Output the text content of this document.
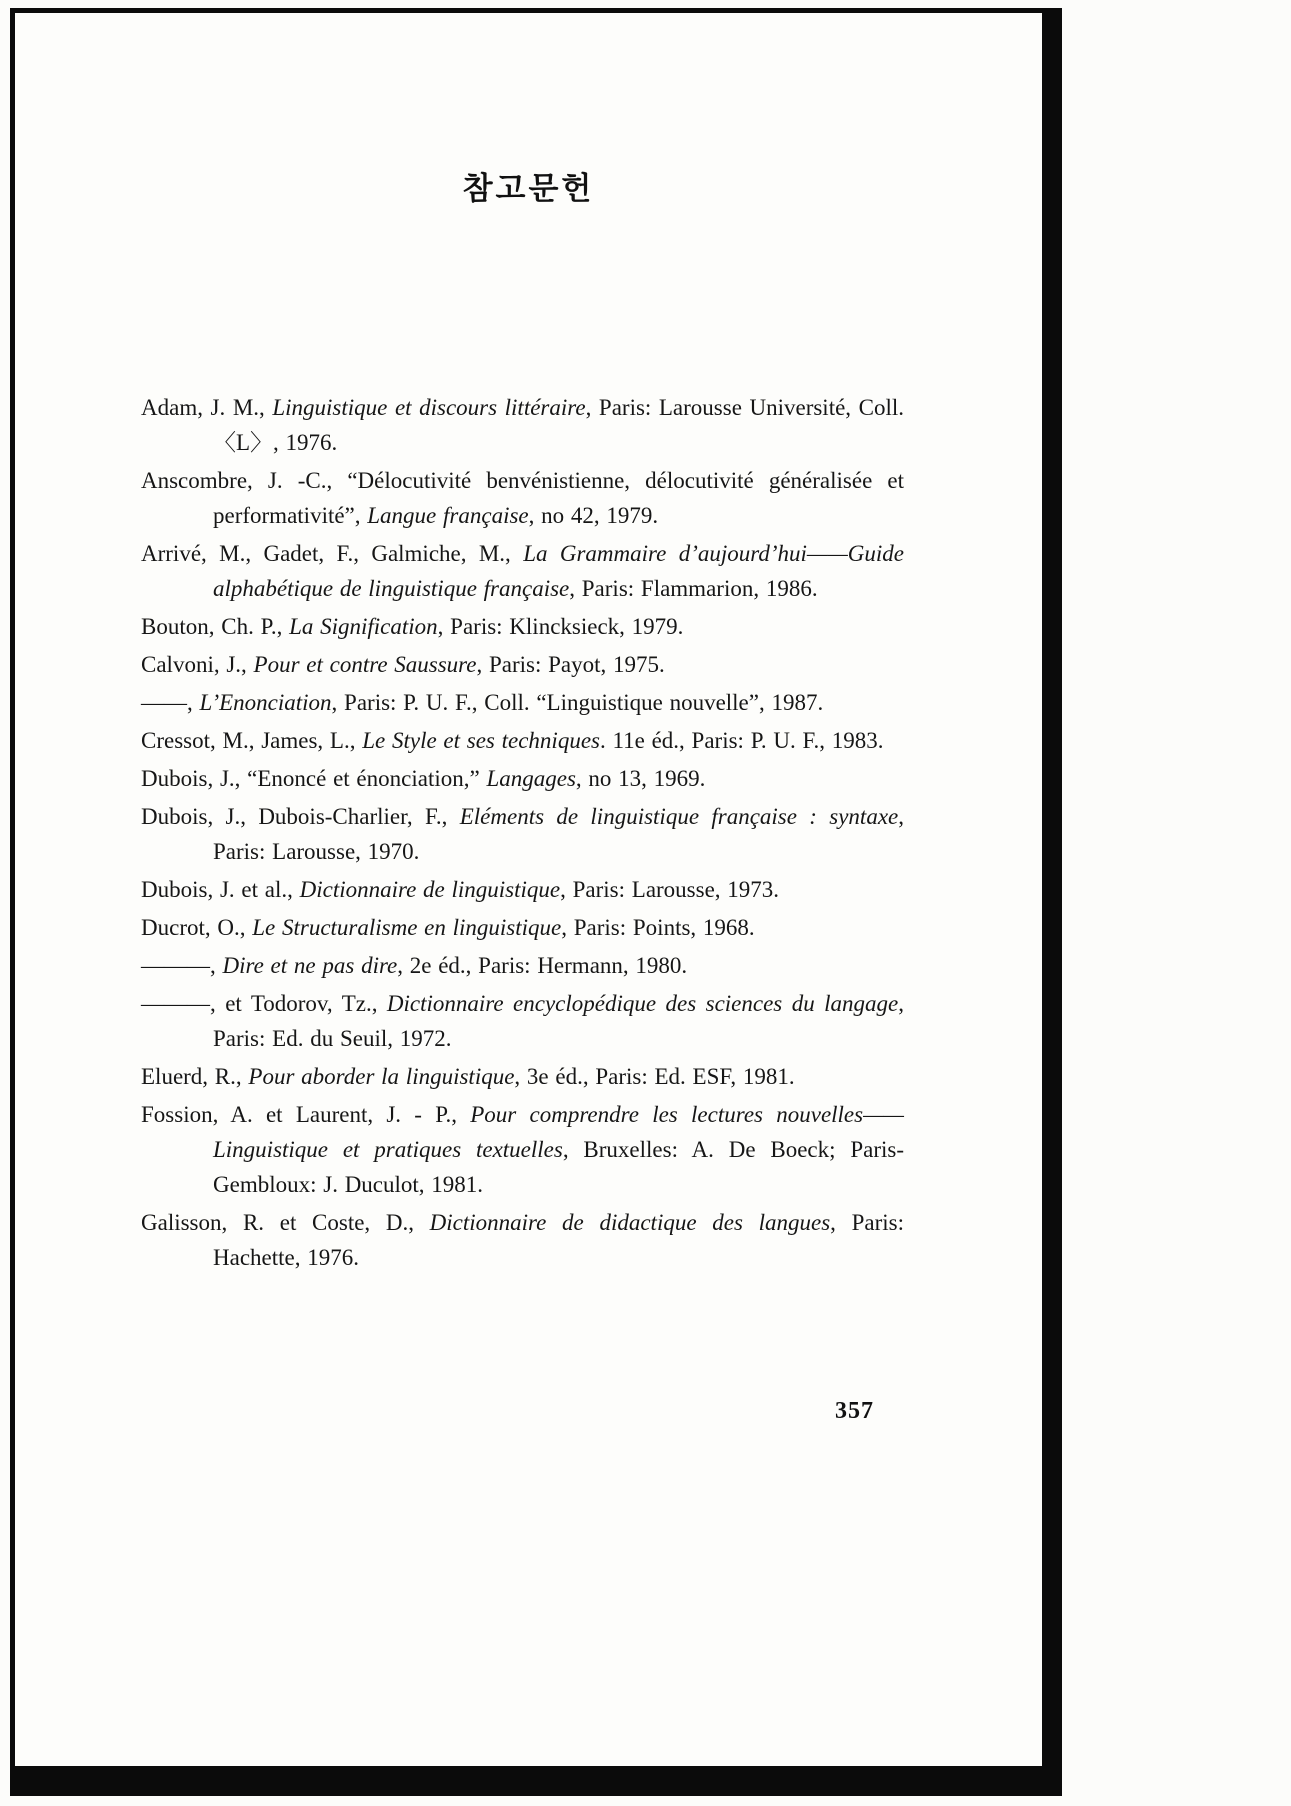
참고문헌

Adam, J. M., Linguistique et discours littéraire, Paris: Larousse Université, Coll. 〈L〉, 1976.

Anscombre, J. -C., “Délocutivité benvénistienne, délocutivité généralisée et performativité”, Langue française, no 42, 1979.

Arrivé, M., Gadet, F., Galmiche, M., La Grammaire d’aujourd’hui——Guide alphabétique de linguistique française, Paris: Flammarion, 1986.

Bouton, Ch. P., La Signification, Paris: Klincksieck, 1979.

Calvoni, J., Pour et contre Saussure, Paris: Payot, 1975.

——, L’Enonciation, Paris: P. U. F., Coll. “Linguistique nouvelle”, 1987.

Cressot, M., James, L., Le Style et ses techniques. 11e éd., Paris: P. U. F., 1983.

Dubois, J., “Enoncé et énonciation,” Langages, no 13, 1969.

Dubois, J., Dubois-Charlier, F., Eléments de linguistique française : syntaxe, Paris: Larousse, 1970.

Dubois, J. et al., Dictionnaire de linguistique, Paris: Larousse, 1973.

Ducrot, O., Le Structuralisme en linguistique, Paris: Points, 1968.

———, Dire et ne pas dire, 2e éd., Paris: Hermann, 1980.

———, et Todorov, Tz., Dictionnaire encyclopédique des sciences du langage, Paris: Ed. du Seuil, 1972.

Eluerd, R., Pour aborder la linguistique, 3e éd., Paris: Ed. ESF, 1981.

Fossion, A. et Laurent, J. - P., Pour comprendre les lectures nouvelles——Linguistique et pratiques textuelles, Bruxelles: A. De Boeck; Paris-Gembloux: J. Duculot, 1981.

Galisson, R. et Coste, D., Dictionnaire de didactique des langues, Paris: Hachette, 1976.

357
